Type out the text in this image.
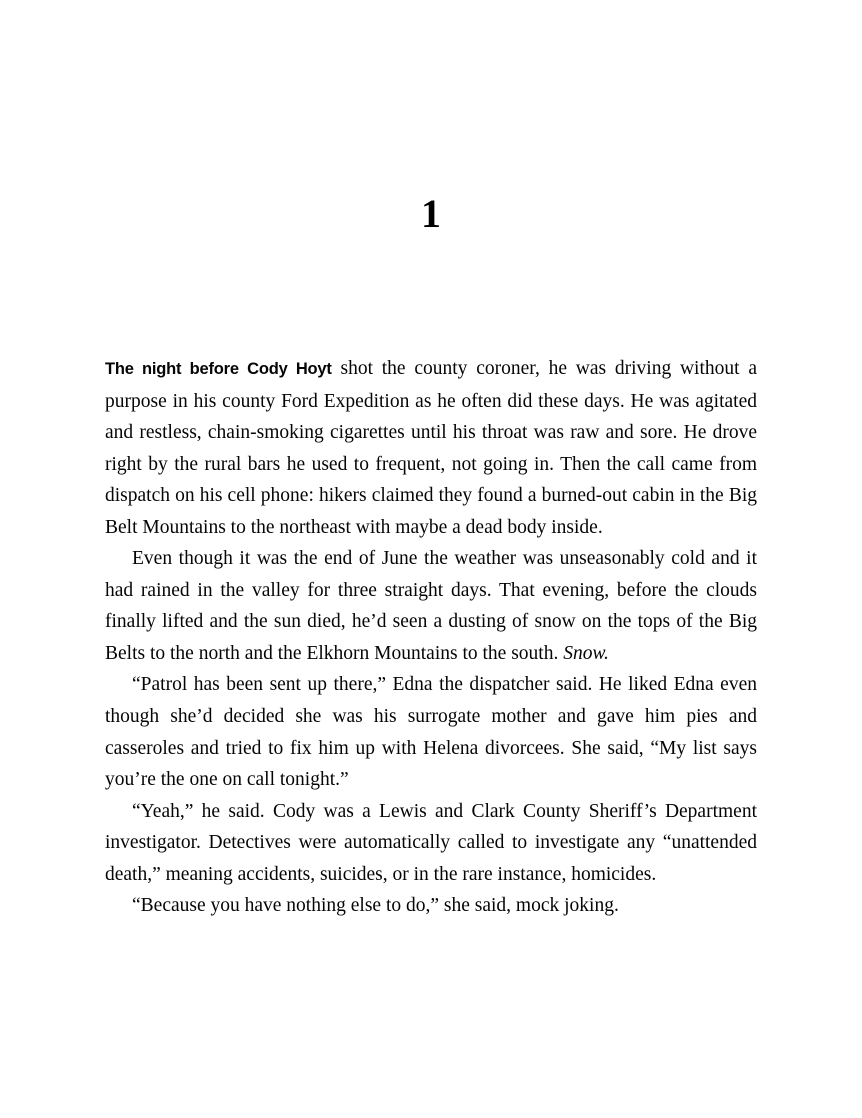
1

The night before Cody Hoyt shot the county coroner, he was driving without a purpose in his county Ford Expedition as he often did these days. He was agitated and restless, chain-smoking cigarettes until his throat was raw and sore. He drove right by the rural bars he used to frequent, not going in. Then the call came from dispatch on his cell phone: hikers claimed they found a burned-out cabin in the Big Belt Mountains to the northeast with maybe a dead body inside.

Even though it was the end of June the weather was unseasonably cold and it had rained in the valley for three straight days. That evening, before the clouds finally lifted and the sun died, he’d seen a dusting of snow on the tops of the Big Belts to the north and the Elkhorn Mountains to the south. Snow.

“Patrol has been sent up there,” Edna the dispatcher said. He liked Edna even though she’d decided she was his surrogate mother and gave him pies and casseroles and tried to fix him up with Helena divorcees. She said, “My list says you’re the one on call tonight.”

“Yeah,” he said. Cody was a Lewis and Clark County Sheriff’s Department investigator. Detectives were automatically called to investigate any “unattended death,” meaning accidents, suicides, or in the rare instance, homicides.

“Because you have nothing else to do,” she said, mock joking.
